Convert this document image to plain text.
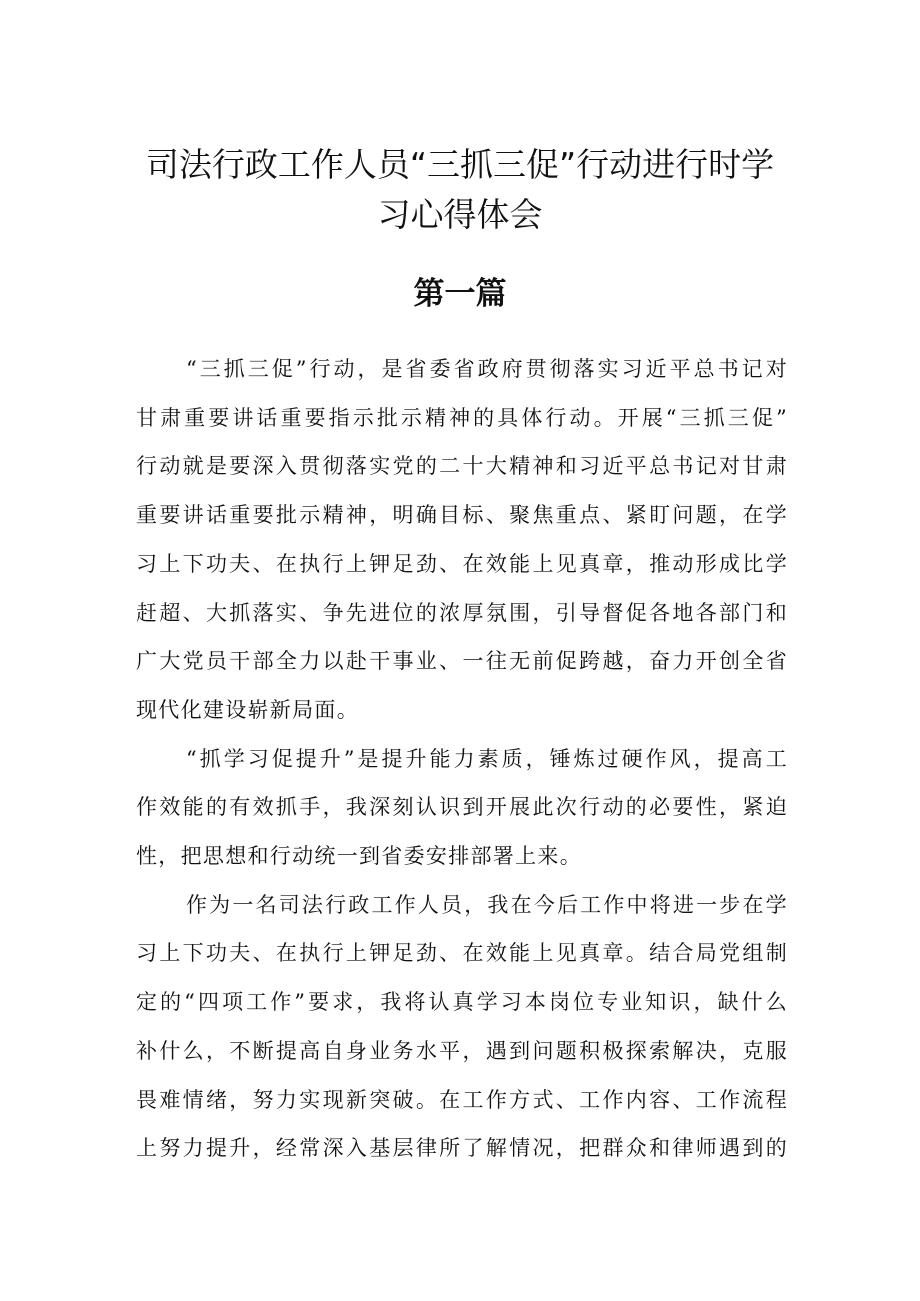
司法行政工作人员“三抓三促”行动进行时学
习心得体会
第一篇

“三抓三促”行动，是省委省政府贯彻落实习近平总书记对
甘肃重要讲话重要指示批示精神的具体行动。开展“三抓三促”
行动就是要深入贯彻落实党的二十大精神和习近平总书记对甘肃
重要讲话重要批示精神，明确目标、聚焦重点、紧盯问题，在学
习上下功夫、在执行上钾足劲、在效能上见真章，推动形成比学
赶超、大抓落实、争先进位的浓厚氛围，引导督促各地各部门和
广大党员干部全力以赴干事业、一往无前促跨越，奋力开创全省
现代化建设崭新局面。

“抓学习促提升”是提升能力素质，锤炼过硬作风，提高工
作效能的有效抓手，我深刻认识到开展此次行动的必要性，紧迫
性，把思想和行动统一到省委安排部署上来。

作为一名司法行政工作人员，我在今后工作中将进一步在学
习上下功夫、在执行上钾足劲、在效能上见真章。结合局党组制
定的“四项工作”要求，我将认真学习本岗位专业知识，缺什么
补什么，不断提高自身业务水平，遇到问题积极探索解决，克服
畏难情绪，努力实现新突破。在工作方式、工作内容、工作流程
上努力提升，经常深入基层律所了解情况，把群众和律师遇到的
